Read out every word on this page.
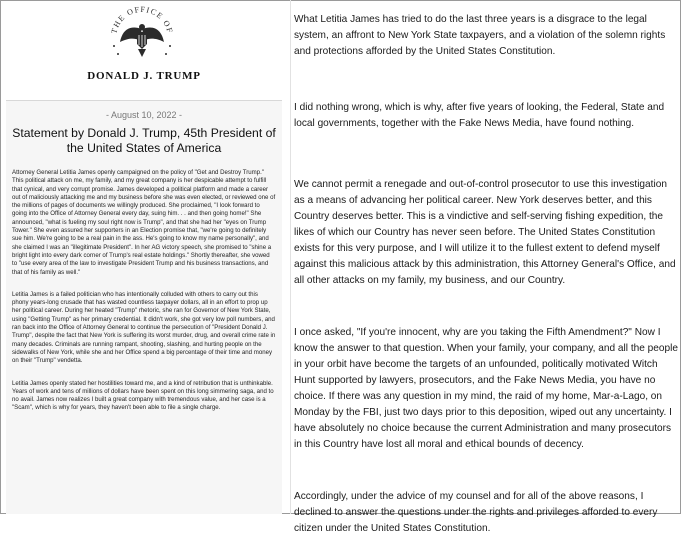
THE OFFICE OF
DONALD J. TRUMP
- August 10, 2022 -
Statement by Donald J. Trump, 45th President of the United States of America

Attorney General Letitia James openly campaigned on the policy of "Get and Destroy Trump." This political attack on me, my family, and my great company is her despicable attempt to fulfill that cynical, and very corrupt promise. James developed a political platform and made a career out of maliciously attacking me and my business before she was even elected, or reviewed one of the millions of pages of documents we willingly produced. She proclaimed, "I look forward to going into the Office of Attorney General every day, suing him. . . and then going home!" She announced, "what is fueling my soul right now is Trump", and that she had her "eyes on Trump Tower." She even assured her supporters in an Election promise that, "we're going to definitely sue him. We're going to be a real pain in the ass. He's going to know my name personally", and she claimed I was an "illegitimate President". In her AG victory speech, she promised to "shine a bright light into every dark corner of Trump's real estate holdings." Shortly thereafter, she vowed to "use every area of the law to investigate President Trump and his business transactions, and that of his family as well."

Letitia James is a failed politician who has intentionally colluded with others to carry out this phony years-long crusade that has wasted countless taxpayer dollars, all in an effort to prop up her political career. During her heated "Trump" rhetoric, she ran for Governor of New York State, using "Getting Trump" as her primary credential. It didn't work, she got very low poll numbers, and ran back into the Office of Attorney General to continue the persecution of "President Donald J. Trump", despite the fact that New York is suffering its worst murder, drug, and overall crime rate in many decades. Criminals are running rampant, shooting, slashing, and hurting people on the sidewalks of New York, while she and her Office spend a big percentage of their time and money on their "Trump" vendetta.

Letitia James openly stated her hostilities toward me, and a kind of retribution that is unthinkable. Years of work and tens of millions of dollars have been spent on this long simmering saga, and to no avail. James now realizes I built a great company with tremendous value, and her case is a "Scam", which is why for years, they haven't been able to file a single charge.

What Letitia James has tried to do the last three years is a disgrace to the legal system, an affront to New York State taxpayers, and a violation of the solemn rights and protections afforded by the United States Constitution.

I did nothing wrong, which is why, after five years of looking, the Federal, State and local governments, together with the Fake News Media, have found nothing.

We cannot permit a renegade and out-of-control prosecutor to use this investigation as a means of advancing her political career. New York deserves better, and this Country deserves better. This is a vindictive and self-serving fishing expedition, the likes of which our Country has never seen before. The United States Constitution exists for this very purpose, and I will utilize it to the fullest extent to defend myself against this malicious attack by this administration, this Attorney General's Office, and all other attacks on my family, my business, and our Country.

I once asked, "If you're innocent, why are you taking the Fifth Amendment?" Now I know the answer to that question. When your family, your company, and all the people in your orbit have become the targets of an unfounded, politically motivated Witch Hunt supported by lawyers, prosecutors, and the Fake News Media, you have no choice. If there was any question in my mind, the raid of my home, Mar-a-Lago, on Monday by the FBI, just two days prior to this deposition, wiped out any uncertainty. I have absolutely no choice because the current Administration and many prosecutors in this Country have lost all moral and ethical bounds of decency.

Accordingly, under the advice of my counsel and for all of the above reasons, I declined to answer the questions under the rights and privileges afforded to every citizen under the United States Constitution.
